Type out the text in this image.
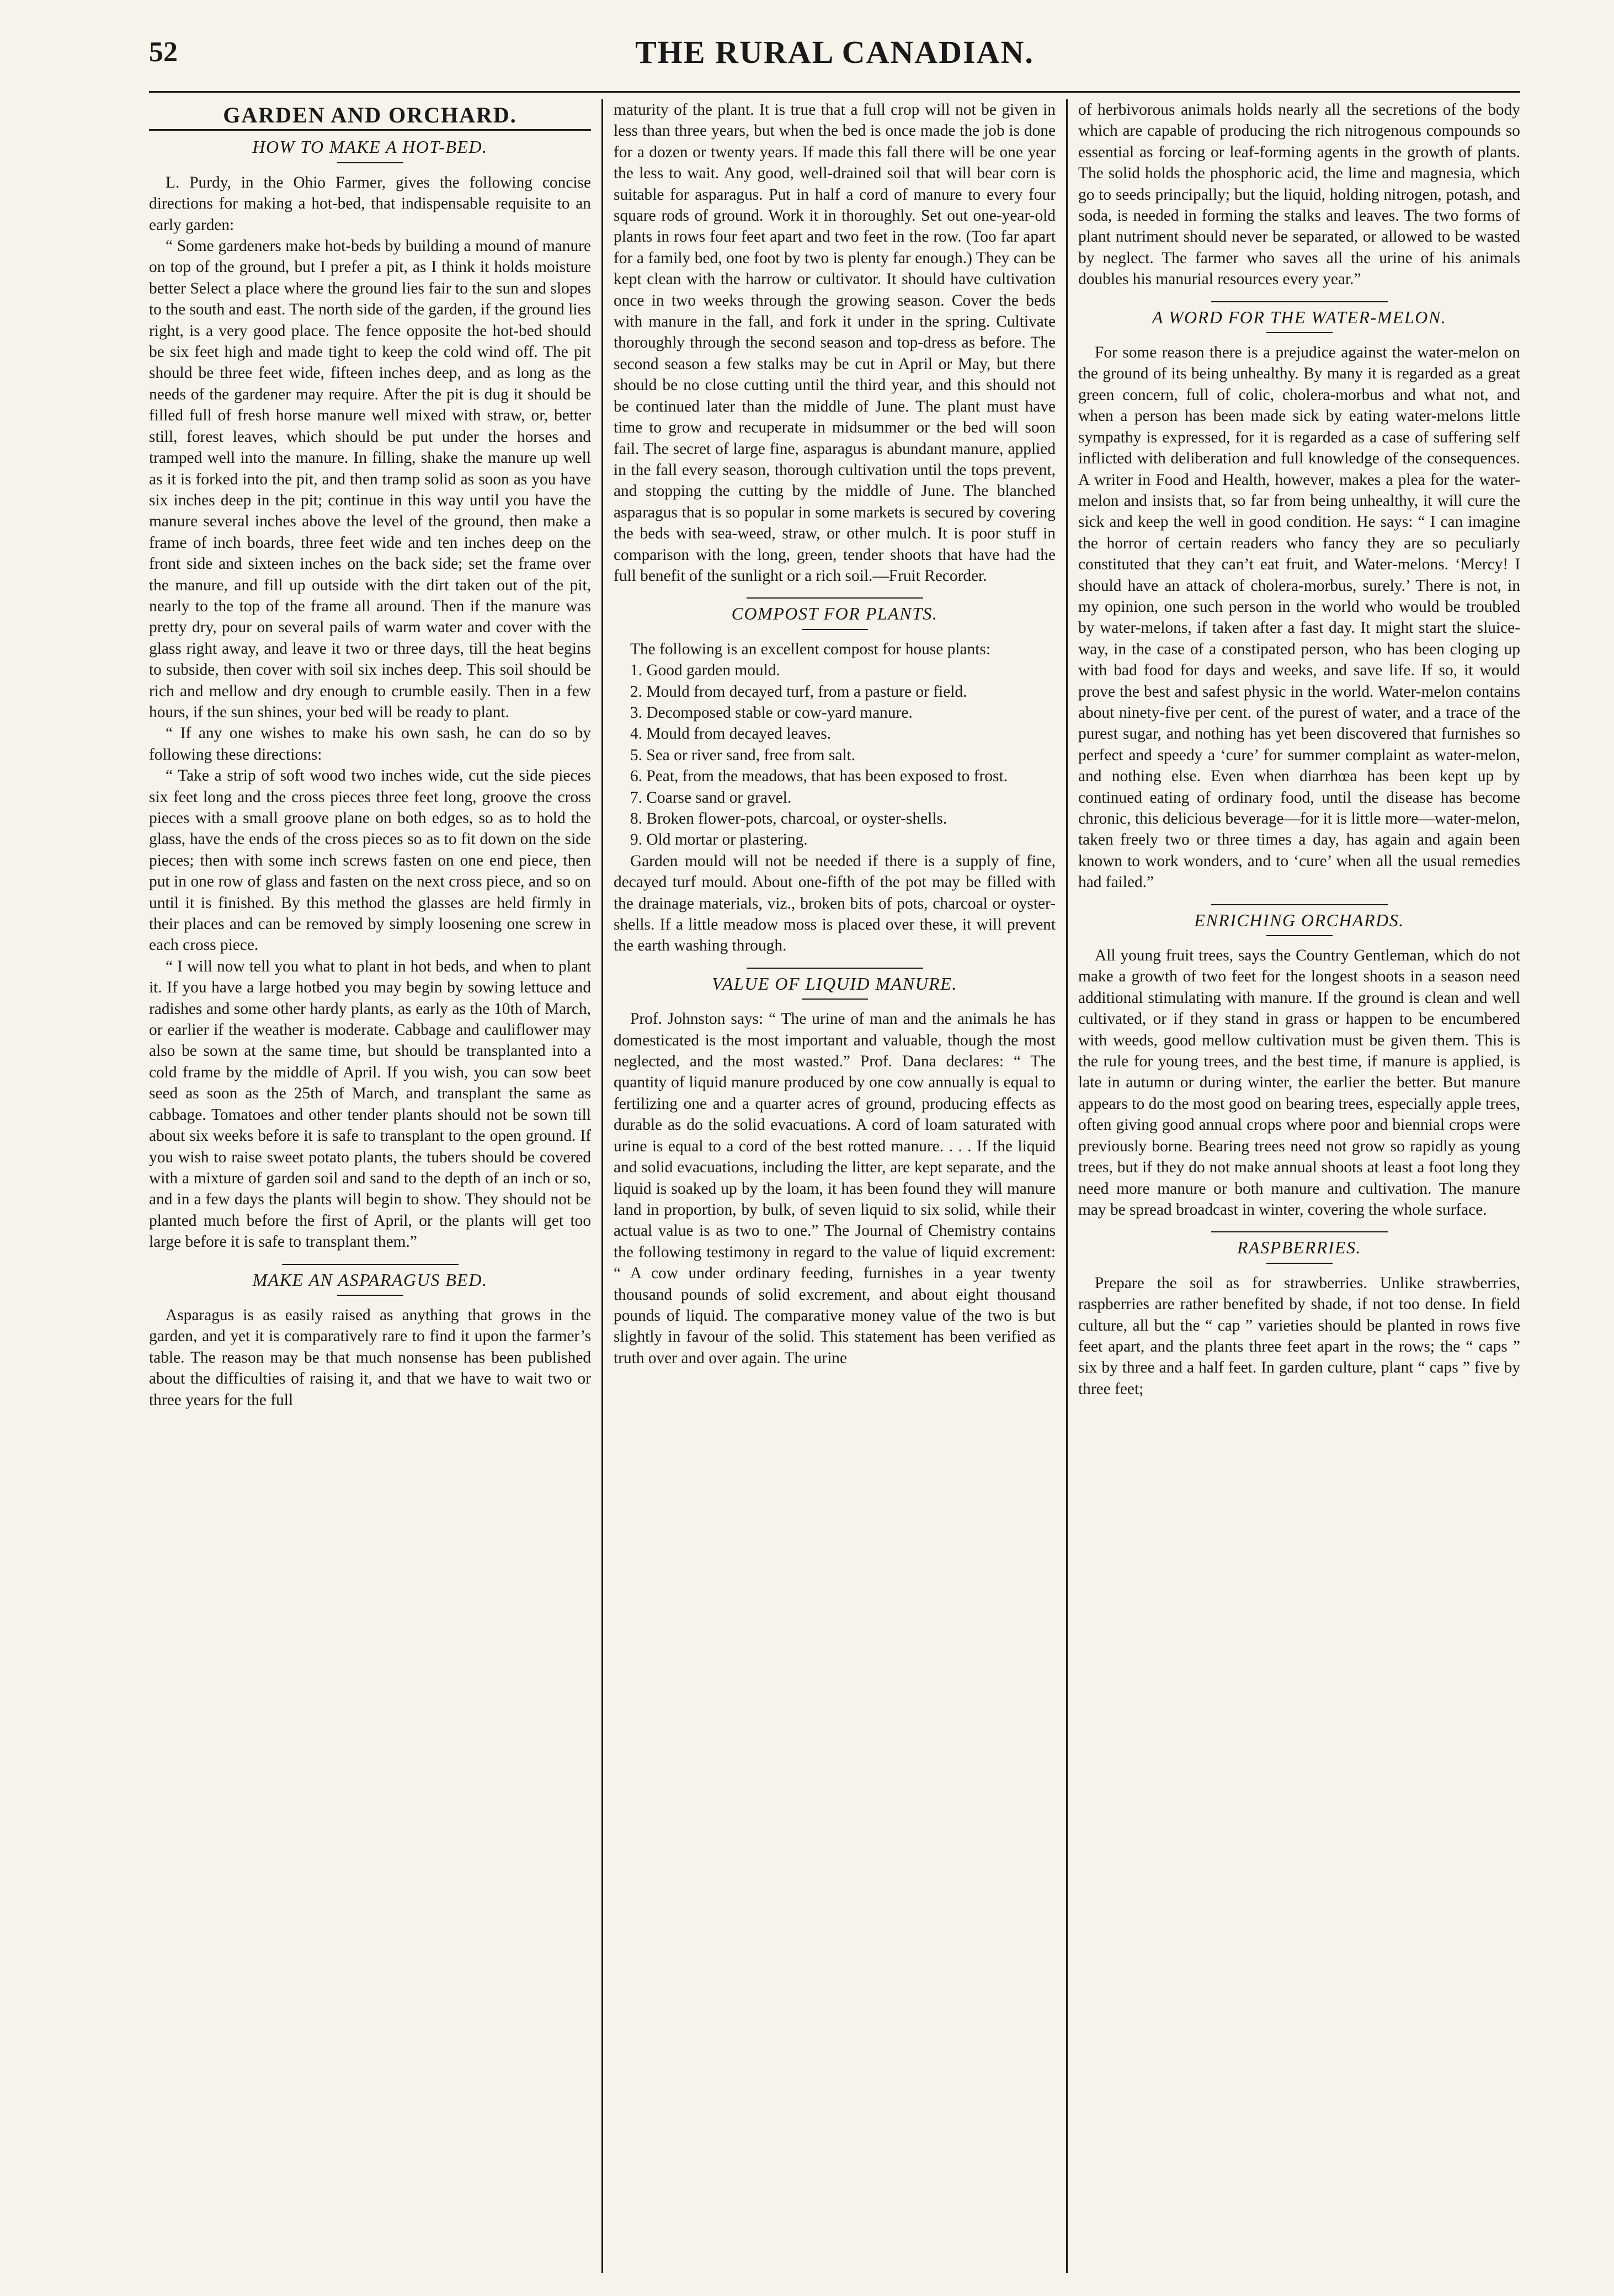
52	THE RURAL CANADIAN.
GARDEN AND ORCHARD.
HOW TO MAKE A HOT-BED.

L. Purdy, in the Ohio Farmer, gives the following concise directions for making a hot-bed, that indispensable requisite to an early garden:

“ Some gardeners make hot-beds by building a mound of manure on top of the ground, but I prefer a pit, as I think it holds moisture better Select a place where the ground lies fair to the sun and slopes to the south and east. The north side of the garden, if the ground lies right, is a very good place. The fence opposite the hot-bed should be six feet high and made tight to keep the cold wind off. The pit should be three feet wide, fifteen inches deep, and as long as the needs of the gardener may require. After the pit is dug it should be filled full of fresh horse manure well mixed with straw, or, better still, forest leaves, which should be put under the horses and tramped well into the manure. In filling, shake the manure up well as it is forked into the pit, and then tramp solid as soon as you have six inches deep in the pit; continue in this way until you have the manure several inches above the level of the ground, then make a frame of inch boards, three feet wide and ten inches deep on the front side and sixteen inches on the back side; set the frame over the manure, and fill up outside with the dirt taken out of the pit, nearly to the top of the frame all around. Then if the manure was pretty dry, pour on several pails of warm water and cover with the glass right away, and leave it two or three days, till the heat begins to subside, then cover with soil six inches deep. This soil should be rich and mellow and dry enough to crumble easily. Then in a few hours, if the sun shines, your bed will be ready to plant.

“ If any one wishes to make his own sash, he can do so by following these directions:

“ Take a strip of soft wood two inches wide, cut the side pieces six feet long and the cross pieces three feet long, groove the cross pieces with a small groove plane on both edges, so as to hold the glass, have the ends of the cross pieces so as to fit down on the side pieces; then with some inch screws fasten on one end piece, then put in one row of glass and fasten on the next cross piece, and so on until it is finished. By this method the glasses are held firmly in their places and can be removed by simply loosening one screw in each cross piece.

“ I will now tell you what to plant in hot beds, and when to plant it. If you have a large hotbed you may begin by sowing lettuce and radishes and some other hardy plants, as early as the 10th of March, or earlier if the weather is moderate. Cabbage and cauliflower may also be sown at the same time, but should be transplanted into a cold frame by the middle of April. If you wish, you can sow beet seed as soon as the 25th of March, and transplant the same as cabbage. Tomatoes and other tender plants should not be sown till about six weeks before it is safe to transplant to the open ground. If you wish to raise sweet potato plants, the tubers should be covered with a mixture of garden soil and sand to the depth of an inch or so, and in a few days the plants will begin to show. They should not be planted much before the first of April, or the plants will get too large before it is safe to transplant them.”

MAKE AN ASPARAGUS BED.

Asparagus is as easily raised as anything that grows in the garden, and yet it is comparatively rare to find it upon the farmer’s table. The reason may be that much nonsense has been published about the difficulties of raising it, and that we have to wait two or three years for the full

maturity of the plant. It is true that a full crop will not be given in less than three years, but when the bed is once made the job is done for a dozen or twenty years. If made this fall there will be one year the less to wait. Any good, well-drained soil that will bear corn is suitable for asparagus. Put in half a cord of manure to every four square rods of ground. Work it in thoroughly. Set out one-year-old plants in rows four feet apart and two feet in the row. (Too far apart for a family bed, one foot by two is plenty far enough.) They can be kept clean with the harrow or cultivator. It should have cultivation once in two weeks through the growing season. Cover the beds with manure in the fall, and fork it under in the spring. Cultivate thoroughly through the second season and top-dress as before. The second season a few stalks may be cut in April or May, but there should be no close cutting until the third year, and this should not be continued later than the middle of June. The plant must have time to grow and recuperate in midsummer or the bed will soon fail. The secret of large fine, asparagus is abundant manure, applied in the fall every season, thorough cultivation until the tops prevent, and stopping the cutting by the middle of June. The blanched asparagus that is so popular in some markets is secured by covering the beds with sea-weed, straw, or other mulch. It is poor stuff in comparison with the long, green, tender shoots that have had the full benefit of the sunlight or a rich soil.—Fruit Recorder.

COMPOST FOR PLANTS.

The following is an excellent compost for house plants:

1. Good garden mould.

2. Mould from decayed turf, from a pasture or field.

3. Decomposed stable or cow-yard manure.

4. Mould from decayed leaves.

5. Sea or river sand, free from salt.

6. Peat, from the meadows, that has been exposed to frost.

7. Coarse sand or gravel.

8. Broken flower-pots, charcoal, or oyster-shells.

9. Old mortar or plastering.

Garden mould will not be needed if there is a supply of fine, decayed turf mould. About one-fifth of the pot may be filled with the drainage materials, viz., broken bits of pots, charcoal or oyster-shells. If a little meadow moss is placed over these, it will prevent the earth washing through.

VALUE OF LIQUID MANURE.

Prof. Johnston says: “ The urine of man and the animals he has domesticated is the most important and valuable, though the most neglected, and the most wasted.” Prof. Dana declares: “ The quantity of liquid manure produced by one cow annually is equal to fertilizing one and a quarter acres of ground, producing effects as durable as do the solid evacuations. A cord of loam saturated with urine is equal to a cord of the best rotted manure. . . . If the liquid and solid evacuations, including the litter, are kept separate, and the liquid is soaked up by the loam, it has been found they will manure land in proportion, by bulk, of seven liquid to six solid, while their actual value is as two to one.” The Journal of Chemistry contains the following testimony in regard to the value of liquid excrement: “ A cow under ordinary feeding, furnishes in a year twenty thousand pounds of solid excrement, and about eight thousand pounds of liquid. The comparative money value of the two is but slightly in favour of the solid. This statement has been verified as truth over and over again. The urine

of herbivorous animals holds nearly all the secretions of the body which are capable of producing the rich nitrogenous compounds so essential as forcing or leaf-forming agents in the growth of plants. The solid holds the phosphoric acid, the lime and magnesia, which go to seeds principally; but the liquid, holding nitrogen, potash, and soda, is needed in forming the stalks and leaves. The two forms of plant nutriment should never be separated, or allowed to be wasted by neglect. The farmer who saves all the urine of his animals doubles his manurial resources every year.”

A WORD FOR THE WATER-MELON.

For some reason there is a prejudice against the water-melon on the ground of its being unhealthy. By many it is regarded as a great green concern, full of colic, cholera-morbus and what not, and when a person has been made sick by eating water-melons little sympathy is expressed, for it is regarded as a case of suffering self inflicted with deliberation and full knowledge of the consequences. A writer in Food and Health, however, makes a plea for the water-melon and insists that, so far from being unhealthy, it will cure the sick and keep the well in good condition. He says: “ I can imagine the horror of certain readers who fancy they are so peculiarly constituted that they can’t eat fruit, and Water-melons. ‘Mercy! I should have an attack of cholera-morbus, surely.’ There is not, in my opinion, one such person in the world who would be troubled by water-melons, if taken after a fast day. It might start the sluice-way, in the case of a constipated person, who has been cloging up with bad food for days and weeks, and save life. If so, it would prove the best and safest physic in the world. Water-melon contains about ninety-five per cent. of the purest of water, and a trace of the purest sugar, and nothing has yet been discovered that furnishes so perfect and speedy a ‘cure’ for summer complaint as water-melon, and nothing else. Even when diarrhœa has been kept up by continued eating of ordinary food, until the disease has become chronic, this delicious beverage—for it is little more—water-melon, taken freely two or three times a day, has again and again been known to work wonders, and to ‘cure’ when all the usual remedies had failed.”

ENRICHING ORCHARDS.

All young fruit trees, says the Country Gentleman, which do not make a growth of two feet for the longest shoots in a season need additional stimulating with manure. If the ground is clean and well cultivated, or if they stand in grass or happen to be encumbered with weeds, good mellow cultivation must be given them. This is the rule for young trees, and the best time, if manure is applied, is late in autumn or during winter, the earlier the better. But manure appears to do the most good on bearing trees, especially apple trees, often giving good annual crops where poor and biennial crops were previously borne. Bearing trees need not grow so rapidly as young trees, but if they do not make annual shoots at least a foot long they need more manure or both manure and cultivation. The manure may be spread broadcast in winter, covering the whole surface.

RASPBERRIES.

Prepare the soil as for strawberries. Unlike strawberries, raspberries are rather benefited by shade, if not too dense. In field culture, all but the “ cap ” varieties should be planted in rows five feet apart, and the plants three feet apart in the rows; the “ caps ” six by three and a half feet. In garden culture, plant “ caps ” five by three feet;
